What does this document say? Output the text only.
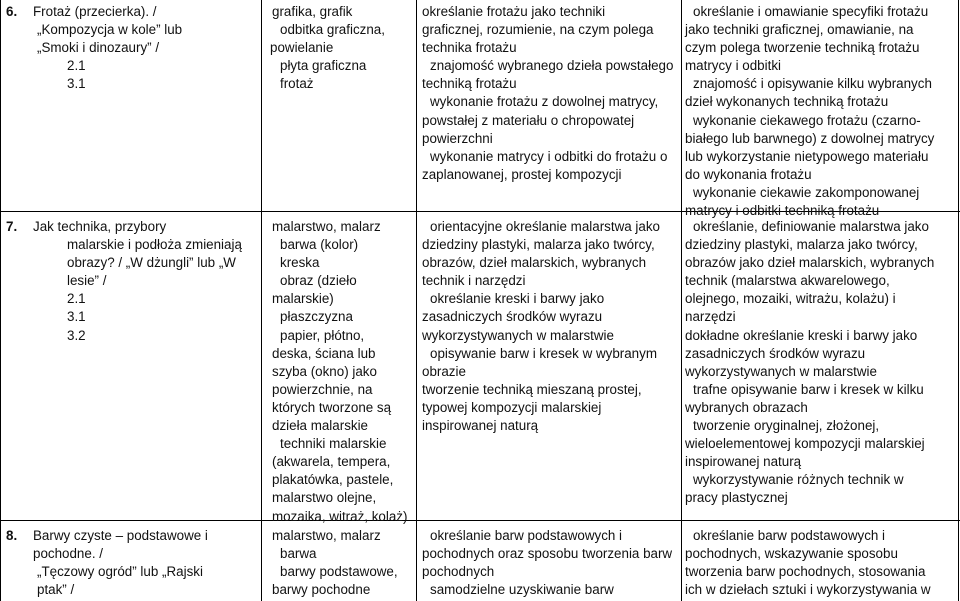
6. Frotaż (przecierka). /

„Kompozycja w kole” lub

„Smoki i dinozaury” /

2.1

3.1

grafika, grafik

odbitka graficzna,

powielanie

płyta graficzna

frotaż

określanie frotażu jako techniki

graficznej, rozumienie, na czym polega

technika frotażu

znajomość wybranego dzieła powstałego

techniką frotażu

wykonanie frotażu z dowolnej matrycy,

powstałej z materiału o chropowatej

powierzchni

wykonanie matrycy i odbitki do frotażu o

zaplanowanej, prostej kompozycji

określanie i omawianie specyfiki frotażu

jako techniki graficznej, omawianie, na

czym polega tworzenie techniką frotażu

matrycy i odbitki

znajomość i opisywanie kilku wybranych

dzieł wykonanych techniką frotażu

wykonanie ciekawego frotażu (czarno-

białego lub barwnego) z dowolnej matrycy

lub wykorzystanie nietypowego materiału

do wykonania frotażu

wykonanie ciekawie zakomponowanej

matrycy i odbitki techniką frotażu

7. Jak technika, przybory

malarskie i podłoża zmieniają

obrazy? / „W dżungli” lub „W

lesie” /

2.1

3.1

3.2

malarstwo, malarz

barwa (kolor)

kreska

obraz (dzieło

malarskie)

płaszczyzna

papier, płótno,

deska, ściana lub

szyba (okno) jako

powierzchnie, na

których tworzone są

dzieła malarskie

techniki malarskie

(akwarela, tempera,

plakatówka, pastele,

malarstwo olejne,

mozaika, witraż, kolaż)

orientacyjne określanie malarstwa jako

dziedziny plastyki, malarza jako twórcy,

obrazów, dzieł malarskich, wybranych

technik i narzędzi

określanie kreski i barwy jako

zasadniczych środków wyrazu

wykorzystywanych w malarstwie

opisywanie barw i kresek w wybranym

obrazie

tworzenie techniką mieszaną prostej,

typowej kompozycji malarskiej

inspirowanej naturą

określanie, definiowanie malarstwa jako

dziedziny plastyki, malarza jako twórcy,

obrazów jako dzieł malarskich, wybranych

technik (malarstwa akwarelowego,

olejnego, mozaiki, witrażu, kolażu) i

narzędzi

dokładne określanie kreski i barwy jako

zasadniczych środków wyrazu

wykorzystywanych w malarstwie

trafne opisywanie barw i kresek w kilku

wybranych obrazach

tworzenie oryginalnej, złożonej,

wieloelementowej kompozycji malarskiej

inspirowanej naturą

wykorzystywanie różnych technik w

pracy plastycznej

8. Barwy czyste – podstawowe i

pochodne. /

„Tęczowy ogród” lub „Rajski

ptak” /

malarstwo, malarz

barwa

barwy podstawowe,

barwy pochodne

określanie barw podstawowych i

pochodnych oraz sposobu tworzenia barw

pochodnych

samodzielne uzyskiwanie barw

określanie barw podstawowych i

pochodnych, wskazywanie sposobu

tworzenia barw pochodnych, stosowania

ich w dziełach sztuki i wykorzystywania w
